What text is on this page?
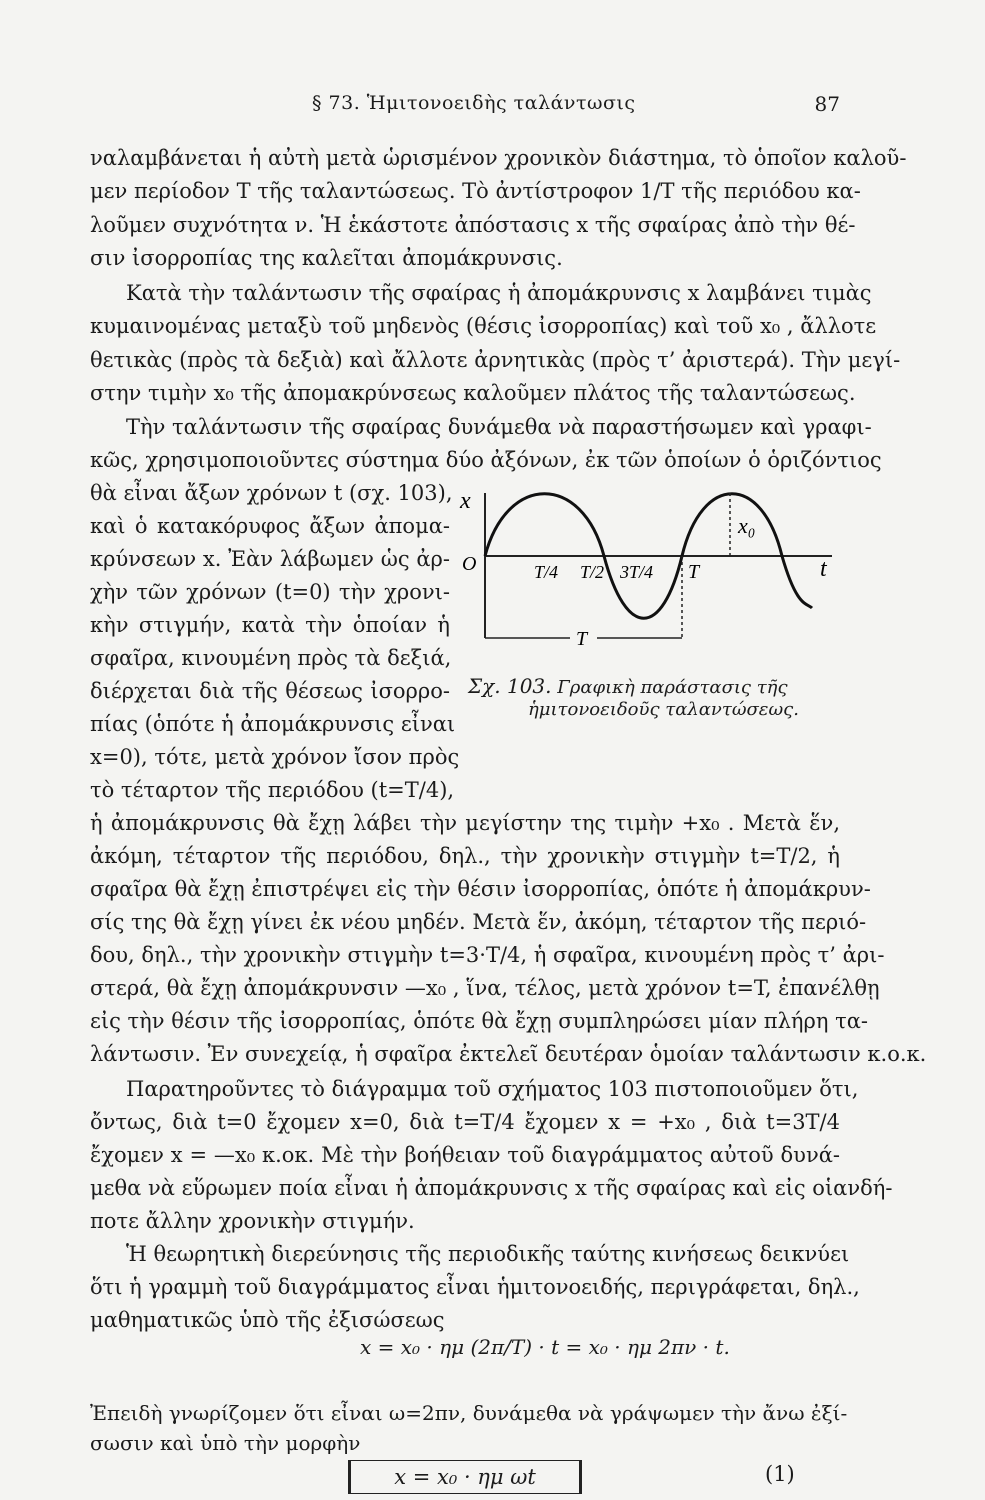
§ 73. Ἡμιτονοειδὴς ταλάντωσις	87
ναλαμβάνεται ἡ αὐτὴ μετὰ ὡρισμένον χρονικὸν διάστημα, τὸ ὁποῖον καλοῦ-
μεν περίοδον T τῆς ταλαντώσεως. Τὸ ἀντίστροφον 1/T τῆς περιόδου κα-
λοῦμεν συχνότητα ν. Ἡ ἑκάστοτε ἀπόστασις x τῆς σφαίρας ἀπὸ τὴν θέ-
σιν ἰσορροπίας της καλεῖται ἀπομάκρυνσις.
Κατὰ τὴν ταλάντωσιν τῆς σφαίρας ἡ ἀπομάκρυνσις x λαμβάνει τιμὰς
κυμαινομένας μεταξὺ τοῦ μηδενὸς (θέσις ἰσορροπίας) καὶ τοῦ x₀ , ἄλλοτε
θετικὰς (πρὸς τὰ δεξιὰ) καὶ ἄλλοτε ἀρνητικὰς (πρὸς τ’ ἀριστερά). Τὴν μεγί-
στην τιμὴν x₀ τῆς ἀπομακρύνσεως καλοῦμεν πλάτος τῆς ταλαντώσεως.
Τὴν ταλάντωσιν τῆς σφαίρας δυνάμεθα νὰ παραστήσωμεν καὶ γραφι-
κῶς, χρησιμοποιοῦντες σύστημα δύο ἀξόνων, ἐκ τῶν ὁποίων ὁ ὁριζόντιος
θὰ εἶναι ἄξων χρόνων t (σχ. 103),
καὶ ὁ κατακόρυφος ἄξων ἀπομα-
κρύνσεων x. Ἐὰν λάβωμεν ὡς ἀρ-
χὴν τῶν χρόνων (t=0) τὴν χρονι-
κὴν στιγμήν, κατὰ τὴν ὁποίαν ἡ
σφαῖρα, κινουμένη πρὸς τὰ δεξιά,
διέρχεται διὰ τῆς θέσεως ἰσορρο-
πίας (ὁπότε ἡ ἀπομάκρυνσις εἶναι
x=0), τότε, μετὰ χρόνον ἴσον πρὸς
τὸ τέταρτον τῆς περιόδου (t=T/4),
x
O	t
x₀
T/4 T/2 3T/4 T
T
Σχ. 103. Γραφικὴ παράστασις τῆς
ἡμιτονοειδοῦς ταλαντώσεως.
ἡ ἀπομάκρυνσις θὰ ἔχῃ λάβει τὴν μεγίστην της τιμὴν +x₀ . Μετὰ ἕν,
ἀκόμη, τέταρτον τῆς περιόδου, δηλ., τὴν χρονικὴν στιγμὴν t=T/2, ἡ
σφαῖρα θὰ ἔχῃ ἐπιστρέψει εἰς τὴν θέσιν ἰσορροπίας, ὁπότε ἡ ἀπομάκρυν-
σίς της θὰ ἔχῃ γίνει ἐκ νέου μηδέν. Μετὰ ἕν, ἀκόμη, τέταρτον τῆς περιό-
δου, δηλ., τὴν χρονικὴν στιγμὴν t=3·T/4, ἡ σφαῖρα, κινουμένη πρὸς τ’ ἀρι-
στερά, θὰ ἔχῃ ἀπομάκρυνσιν —x₀ , ἵνα, τέλος, μετὰ χρόνον t=T, ἐπανέλθῃ
εἰς τὴν θέσιν τῆς ἰσορροπίας, ὁπότε θὰ ἔχῃ συμπληρώσει μίαν πλήρη τα-
λάντωσιν. Ἐν συνεχείᾳ, ἡ σφαῖρα ἐκτελεῖ δευτέραν ὁμοίαν ταλάντωσιν κ.ο.κ.
Παρατηροῦντες τὸ διάγραμμα τοῦ σχήματος 103 πιστοποιοῦμεν ὅτι,
ὄντως, διὰ t=0 ἔχομεν x=0, διὰ t=T/4 ἔχομεν x = +x₀ , διὰ t=3T/4
ἔχομεν x = —x₀ κ.οκ. Μὲ τὴν βοήθειαν τοῦ διαγράμματος αὐτοῦ δυνά-
μεθα νὰ εὕρωμεν ποία εἶναι ἡ ἀπομάκρυνσις x τῆς σφαίρας καὶ εἰς οἱανδή-
ποτε ἄλλην χρονικὴν στιγμήν.
Ἡ θεωρητικὴ διερεύνησις τῆς περιοδικῆς ταύτης κινήσεως δεικνύει
ὅτι ἡ γραμμὴ τοῦ διαγράμματος εἶναι ἡμιτονοειδής, περιγράφεται, δηλ.,
μαθηματικῶς ὑπὸ τῆς ἐξισώσεως
x = x₀ · ημ (2π/T) · t = x₀ · ημ 2πν · t.
Ἐπειδὴ γνωρίζομεν ὅτι εἶναι ω=2πν, δυνάμεθα νὰ γράψωμεν τὴν ἄνω ἐξί-
σωσιν καὶ ὑπὸ τὴν μορφὴν
x = x₀ · ημ ωt	(1)
